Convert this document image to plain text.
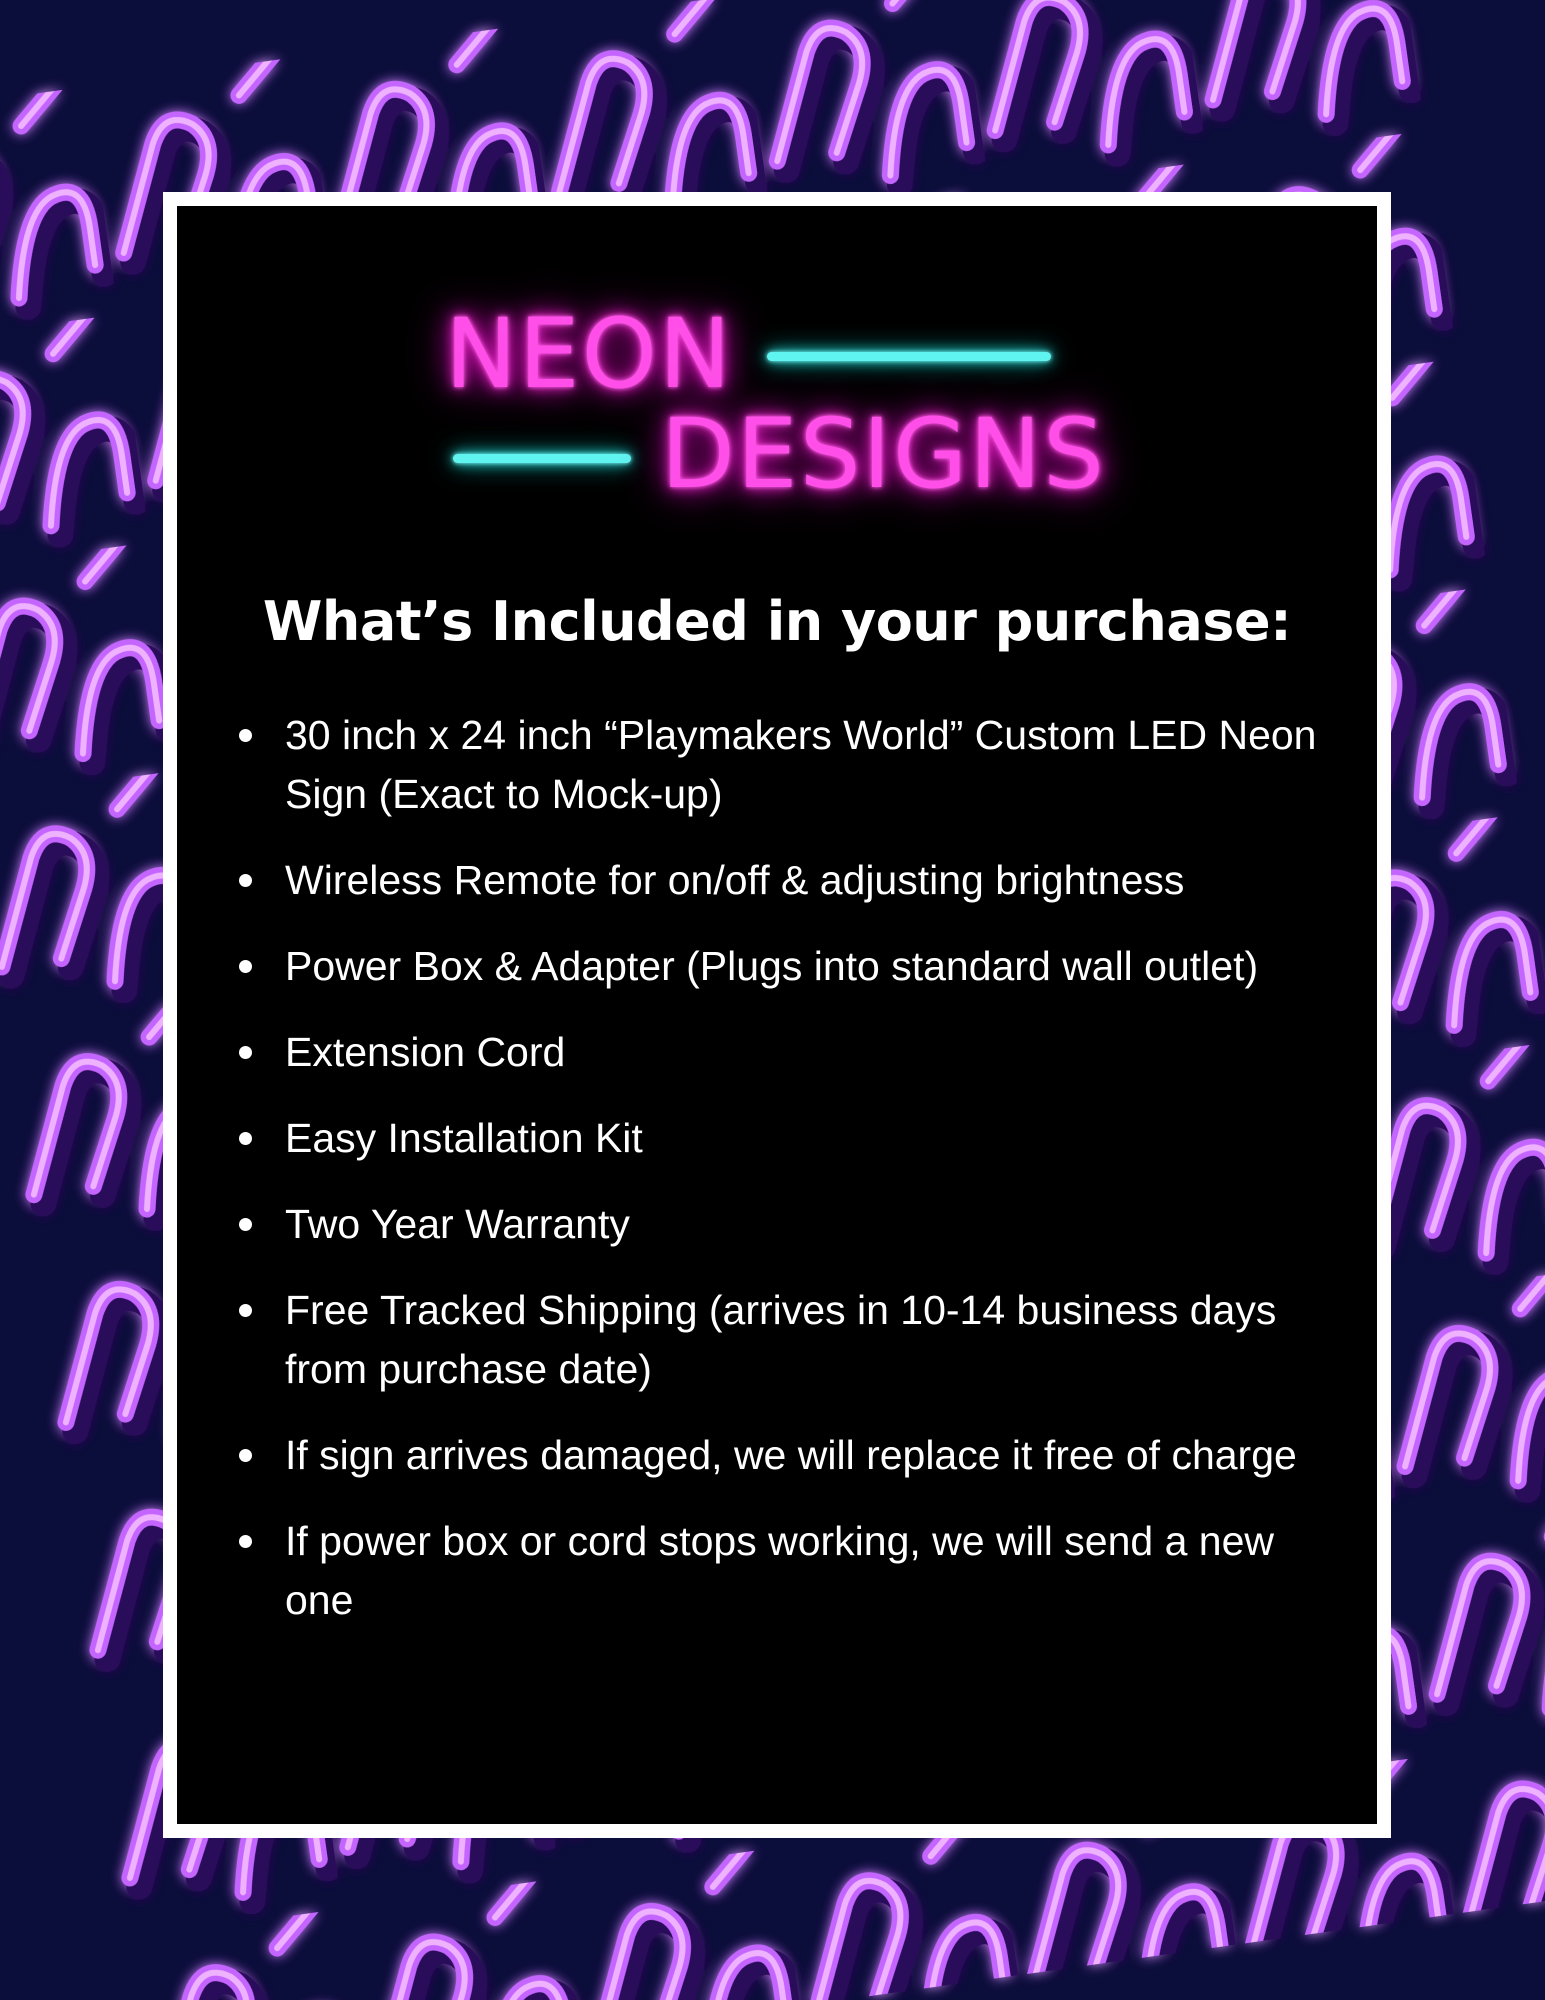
NEON
DESIGNS
What’s Included in your purchase:
30 inch x 24 inch “Playmakers World” Custom LED Neon Sign (Exact to Mock-up)
Wireless Remote for on/off & adjusting brightness
Power Box & Adapter (Plugs into standard wall outlet)
Extension Cord
Easy Installation Kit
Two Year Warranty
Free Tracked Shipping (arrives in 10-14 business days from purchase date)
If sign arrives damaged, we will replace it free of charge
If power box or cord stops working, we will send a new one
